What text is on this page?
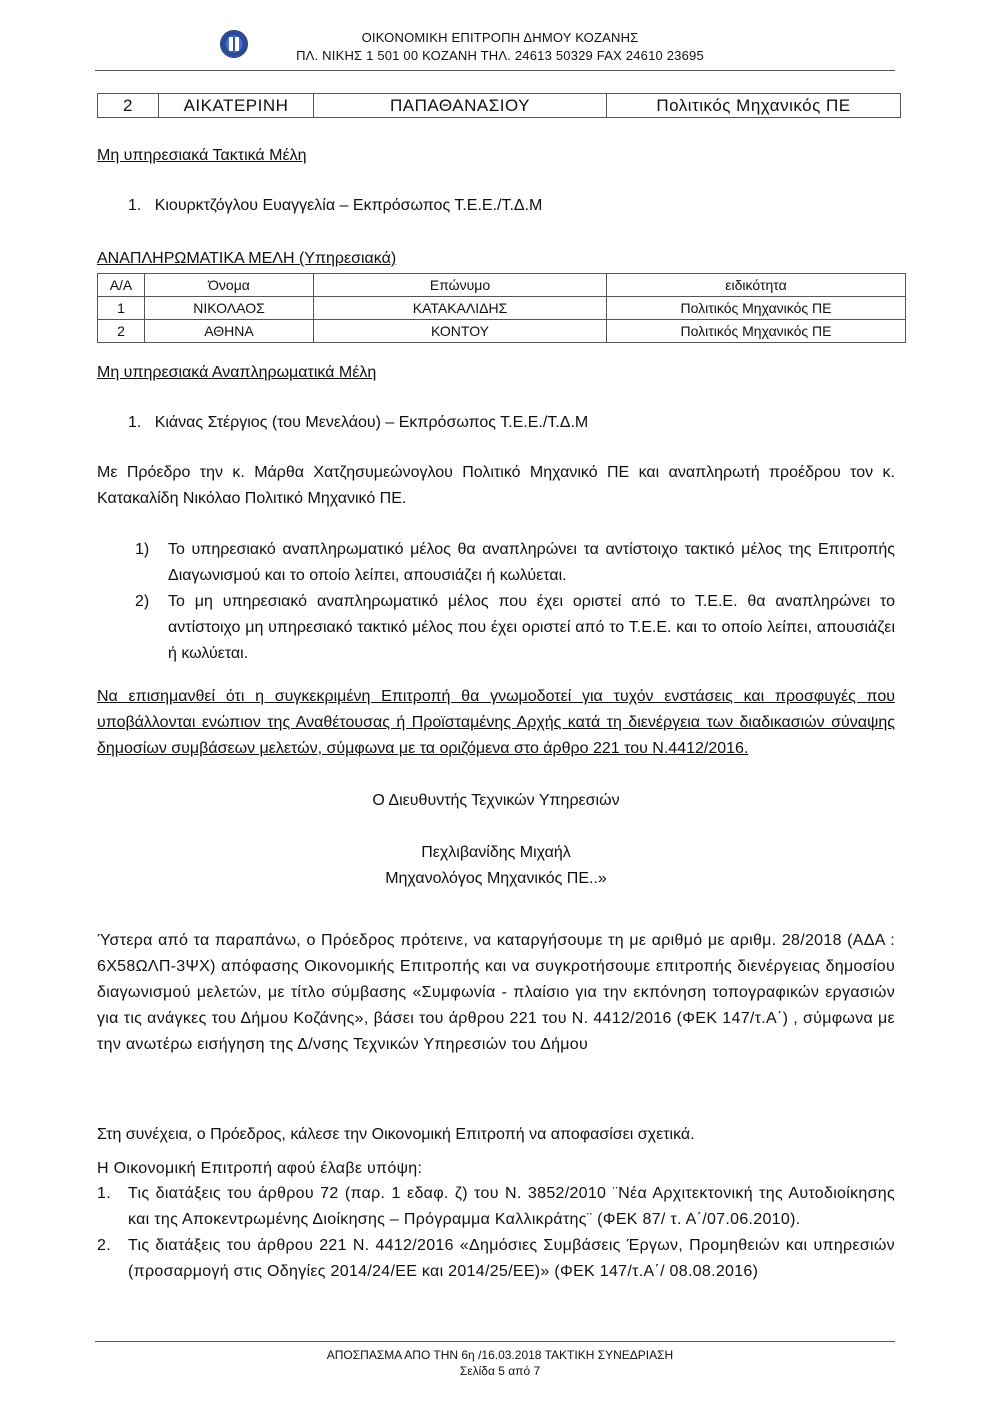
ΟΙΚΟΝΟΜΙΚΗ ΕΠΙΤΡΟΠΗ ΔΗΜΟΥ ΚΟΖΑΝΗΣ
ΠΛ. ΝΙΚΗΣ 1 501 00 ΚΟΖΑΝΗ ΤΗΛ. 24613 50329 FAX 24610 23695
2	ΑΙΚΑΤΕΡΙΝΗ	ΠΑΠΑΘΑΝΑΣΙΟΥ	Πολιτικός Μηχανικός ΠΕ
Μη υπηρεσιακά Τακτικά Μέλη
1. Κιουρκτζόγλου Ευαγγελία – Εκπρόσωπος Τ.Ε.Ε./Τ.Δ.Μ
ΑΝΑΠΛΗΡΩΜΑΤΙΚΑ ΜΕΛΗ (Υπηρεσιακά)
Α/Α	Όνομα	Επώνυμο	ειδικότητα
1	ΝΙΚΟΛΑΟΣ	ΚΑΤΑΚΑΛΙΔΗΣ	Πολιτικός Μηχανικός ΠΕ
2	ΑΘΗΝΑ	ΚΟΝΤΟΥ	Πολιτικός Μηχανικός ΠΕ
Μη υπηρεσιακά Αναπληρωματικά Μέλη
1. Κιάνας Στέργιος (του Μενελάου) – Εκπρόσωπος Τ.Ε.Ε./Τ.Δ.Μ
Με Πρόεδρο την κ. Μάρθα Χατζησυμεώνογλου Πολιτικό Μηχανικό ΠΕ και αναπληρωτή προέδρου τον κ. Κατακαλίδη Νικόλαο Πολιτικό Μηχανικό ΠΕ.
1) Το υπηρεσιακό αναπληρωματικό μέλος θα αναπληρώνει τα αντίστοιχο τακτικό μέλος της Επιτροπής Διαγωνισμού και το οποίο λείπει, απουσιάζει ή κωλύεται.
2) Το μη υπηρεσιακό αναπληρωματικό μέλος που έχει οριστεί από το Τ.Ε.Ε. θα αναπληρώνει το αντίστοιχο μη υπηρεσιακό τακτικό μέλος που έχει οριστεί από το Τ.Ε.Ε. και το οποίο λείπει, απουσιάζει ή κωλύεται.
Να επισημανθεί ότι η συγκεκριμένη Επιτροπή θα γνωμοδοτεί για τυχόν ενστάσεις και προσφυγές που υποβάλλονται ενώπιον της Αναθέτουσας ή Προϊσταμένης Αρχής κατά τη διενέργεια των διαδικασιών σύναψης δημοσίων συμβάσεων μελετών, σύμφωνα με τα οριζόμενα στο άρθρο 221 του Ν.4412/2016.
Ο Διευθυντής Τεχνικών Υπηρεσιών
Πεχλιβανίδης Μιχαήλ
Μηχανολόγος Μηχανικός ΠΕ..»
Ύστερα από τα παραπάνω, ο Πρόεδρος πρότεινε, να καταργήσουμε τη με αριθμό με αριθμ. 28/2018 (ΑΔΑ : 6Χ58ΩΛΠ-3ΨΧ) απόφασης Οικονομικής Επιτροπής και να συγκροτήσουμε επιτροπής διενέργειας δημοσίου διαγωνισμού μελετών, με τίτλο σύμβασης «Συμφωνία - πλαίσιο για την εκπόνηση τοπογραφικών εργασιών για τις ανάγκες του Δήμου Κοζάνης», βάσει του άρθρου 221 του Ν. 4412/2016 (ΦΕΚ 147/τ.Α΄) , σύμφωνα με την ανωτέρω εισήγηση της Δ/νσης Τεχνικών Υπηρεσιών του Δήμου
Στη συνέχεια, ο Πρόεδρος, κάλεσε την Οικονομική Επιτροπή να αποφασίσει σχετικά.
Η Οικονομική Επιτροπή αφού έλαβε υπόψη:
1. Τις διατάξεις του άρθρου 72 (παρ. 1 εδαφ. ζ) του Ν. 3852/2010 ¨Νέα Αρχιτεκτονική της Αυτοδιοίκησης και της Αποκεντρωμένης Διοίκησης – Πρόγραμμα Καλλικράτης¨ (ΦΕΚ 87/ τ. Α΄/07.06.2010).
2. Τις διατάξεις του άρθρου 221 Ν. 4412/2016 «Δημόσιες Συμβάσεις Έργων, Προμηθειών και υπηρεσιών (προσαρμογή στις Οδηγίες 2014/24/ΕΕ και 2014/25/ΕΕ)» (ΦΕΚ 147/τ.Α΄/ 08.08.2016)
ΑΠΟΣΠΑΣΜΑ ΑΠΟ ΤΗΝ 6η /16.03.2018 ΤΑΚΤΙΚΗ ΣΥΝΕΔΡΙΑΣΗ
Σελίδα 5 από 7
